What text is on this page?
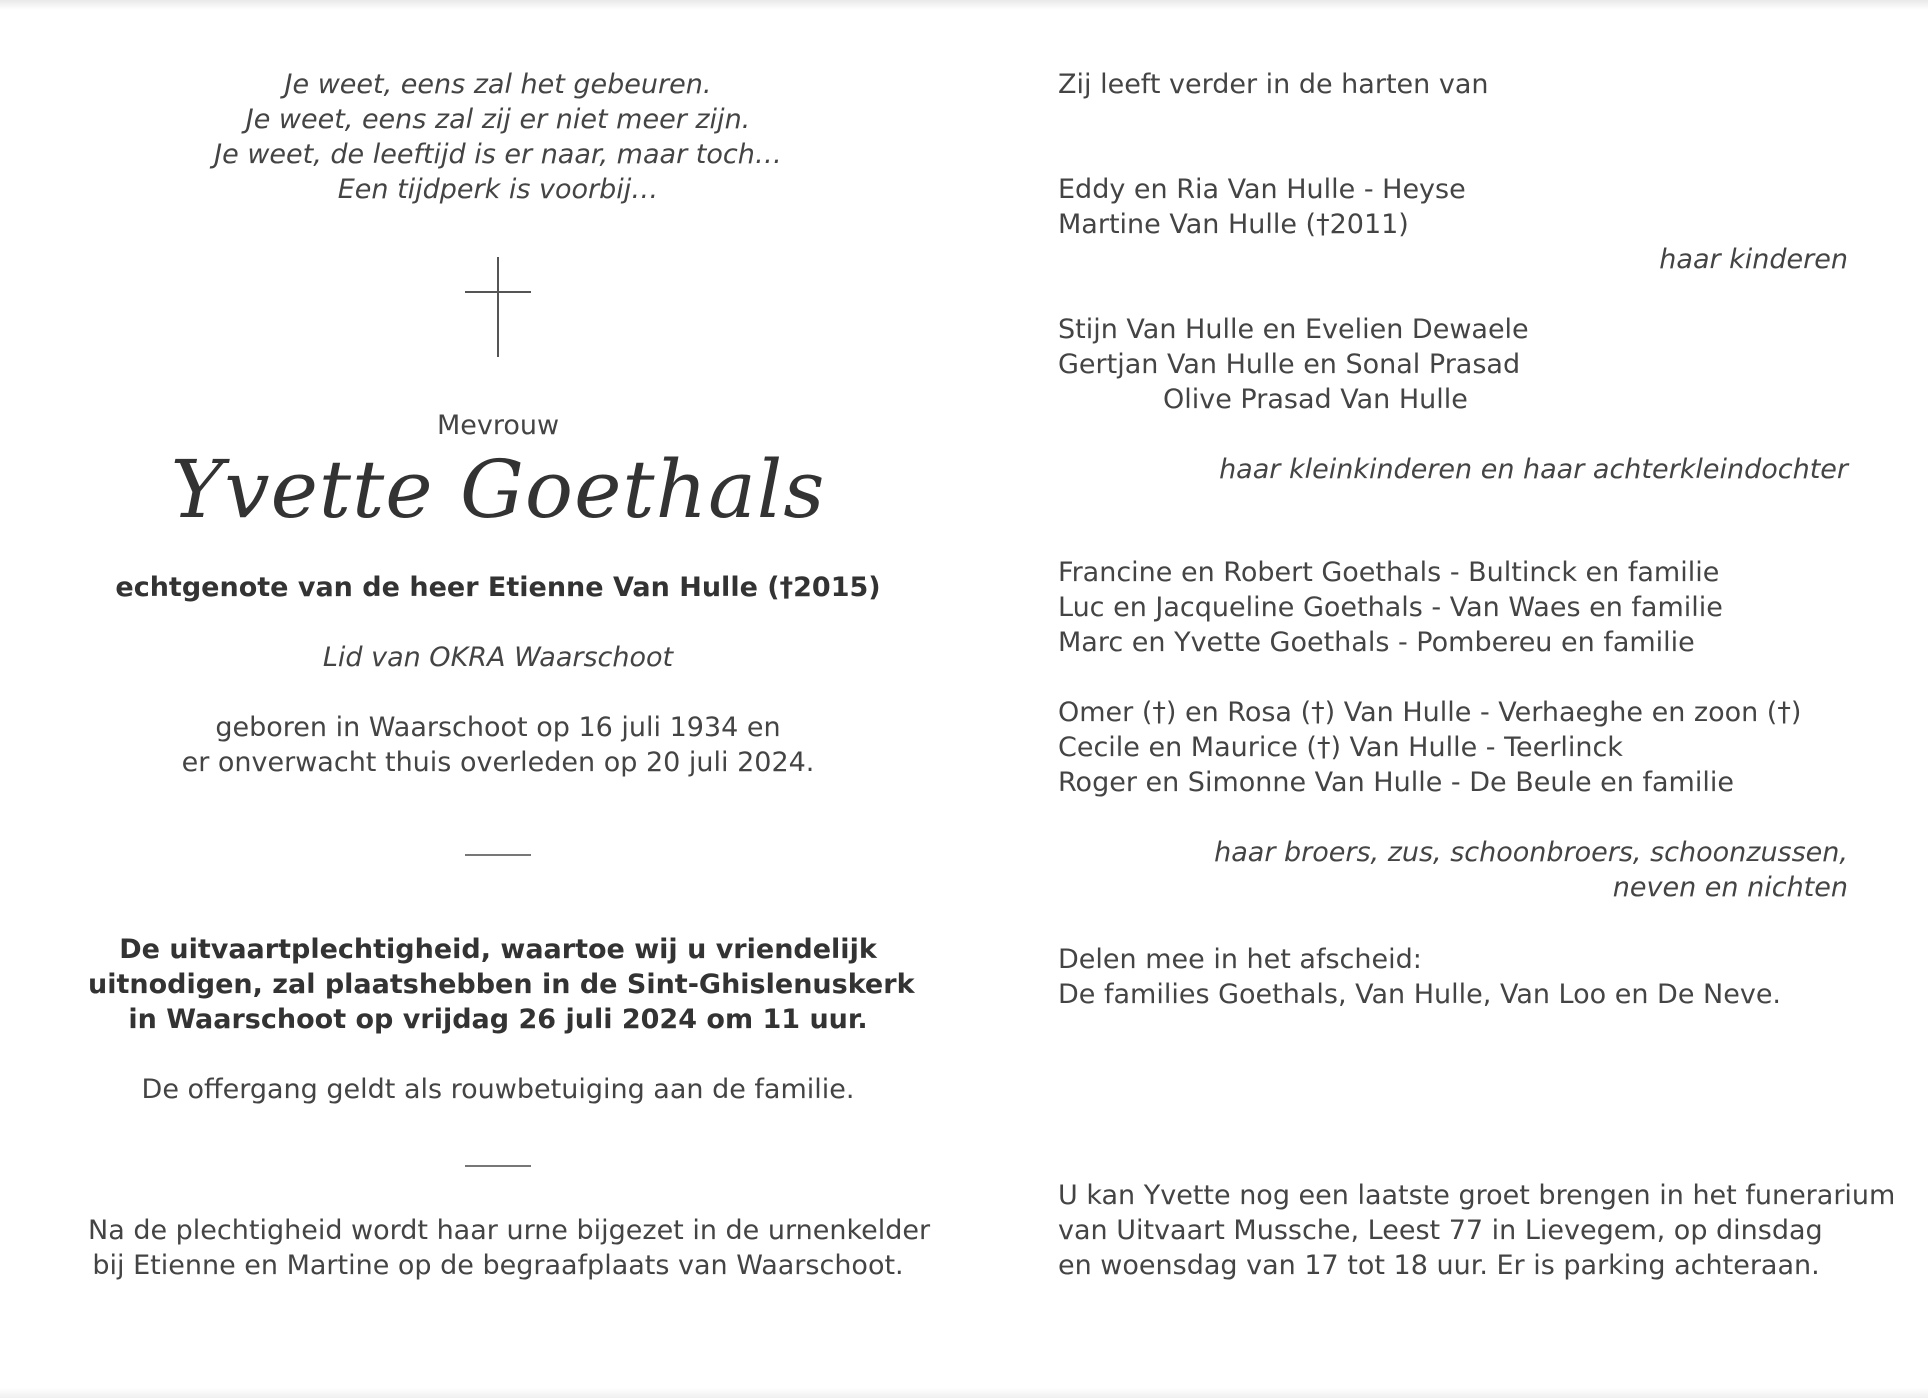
Je weet, eens zal het gebeuren.

Je weet, eens zal zij er niet meer zijn.

Je weet, de leeftijd is er naar, maar toch…

Een tijdperk is voorbij…

Mevrouw

Yvette Goethals

echtgenote van de heer Etienne Van Hulle (†2015)

Lid van OKRA Waarschoot

geboren in Waarschoot op 16 juli 1934 en

er onverwacht thuis overleden op 20 juli 2024.

De uitvaartplechtigheid, waartoe wij u vriendelijk

uitnodigen, zal plaatshebben in de Sint-Ghislenuskerk

in Waarschoot op vrijdag 26 juli 2024 om 11 uur.

De offergang geldt als rouwbetuiging aan de familie.

Na de plechtigheid wordt haar urne bijgezet in de urnenkelder

bij Etienne en Martine op de begraafplaats van Waarschoot.

Zij leeft verder in de harten van

Eddy en Ria Van Hulle - Heyse

Martine Van Hulle (†2011)

haar kinderen

Stijn Van Hulle en Evelien Dewaele

Gertjan Van Hulle en Sonal Prasad

Olive Prasad Van Hulle

haar kleinkinderen en haar achterkleindochter

Francine en Robert Goethals - Bultinck en familie

Luc en Jacqueline Goethals - Van Waes en familie

Marc en Yvette Goethals - Pombereu en familie

Omer (†) en Rosa (†) Van Hulle - Verhaeghe en zoon (†)

Cecile en Maurice (†) Van Hulle - Teerlinck

Roger en Simonne Van Hulle - De Beule en familie

haar broers, zus, schoonbroers, schoonzussen,

neven en nichten

Delen mee in het afscheid:

De families Goethals, Van Hulle, Van Loo en De Neve.

U kan Yvette nog een laatste groet brengen in het funerarium

van Uitvaart Mussche, Leest 77 in Lievegem, op dinsdag

en woensdag van 17 tot 18 uur. Er is parking achteraan.
